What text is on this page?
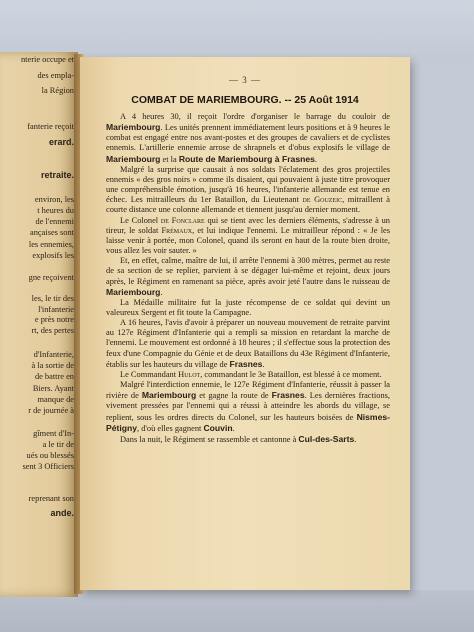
nterie occupe et
des empla-
la Région
fanterie reçoit
erard.
retraite.
environ, les
t heures du
de l'ennemi
ançaises sont
les ennemies,
explosifs les
gne reçoivent
les, le tir des
l'infanterie
e près notre
rt, des pertes
d'Infanterie,
à la sortie de
de battre en
Biers. Ayant
manque de
r de journée à
gîment d'In-
a le tir de
ués ou blessés
sent 3 Officiers
reprenant son
ande.
— 3 —
COMBAT DE MARIEMBOURG. -- 25 Août 1914

A 4 heures 30, il reçoit l'ordre d'organiser le barrage du couloir de Mariembourg. Les unités prennent immédiatement leurs positions et à 9 heures le combat est engagé entre nos avant-postes et des groupes de cavaliers et de cyclistes ennemis. L'artillerie ennemie arrose de shrapnels et d'obus explosifs le village de Mariembourg et la Route de Mariembourg à Frasnes.

Malgré la surprise que causait à nos soldats l'éclatement des gros projectiles ennemis « des gros noirs » comme ils disaient, qui pouvaient à juste titre provoquer une compréhensible émotion, jusqu'à 16 heures, l'infanterie allemande est tenue en échec. Les mitrailleurs du 1er Bataillon, du Lieutenant de Gouzeic, mitraillent à courte distance une colonne allemande et tiennent jusqu'au dernier moment.

Le Colonel de Fonclare qui se tient avec les derniers éléments, s'adresse à un tireur, le soldat Frémaux, et lui indique l'ennemi. Le mitrailleur répond : « Je les laisse venir à portée, mon Colonel, quand ils seront en haut de la route bien droite, vous allez les voir sauter. »

Et, en effet, calme, maître de lui, il arrête l'ennemi à 300 mètres, permet au reste de sa section de se replier, parvient à se dégager lui-même et rejoint, deux jours après, le Régiment en ramenant sa pièce, après avoir jeté l'autre dans le ruisseau de Mariembourg.

La Médaille militaire fut la juste récompense de ce soldat qui devint un valeureux Sergent et fit toute la Campagne.

A 16 heures, l'avis d'avoir à préparer un nouveau mouvement de retraite parvint au 127e Régiment d'Infanterie qui a rempli sa mission en retardant la marche de l'ennemi. Le mouvement est ordonné à 18 heures ; il s'effectue sous la protection des feux d'une Compagnie du Génie et de deux Bataillons du 43e Régiment d'Infanterie, établis sur les hauteurs du village de Frasnes.

Le Commandant Hulot, commandant le 3e Bataillon, est blessé à ce moment.

Malgré l'interdiction ennemie, le 127e Régiment d'Infanterie, réussit à passer la rivière de Mariembourg et gagne la route de Frasnes. Les dernières fractions, vivement pressées par l'ennemi qui a réussi à atteindre les abords du village, se replient, sous les ordres directs du Colonel, sur les hauteurs boisées de Nismes-Pétigny, d'où elles gagnent Couvin.

Dans la nuit, le Régiment se rassemble et cantonne à Cul-des-Sarts.
